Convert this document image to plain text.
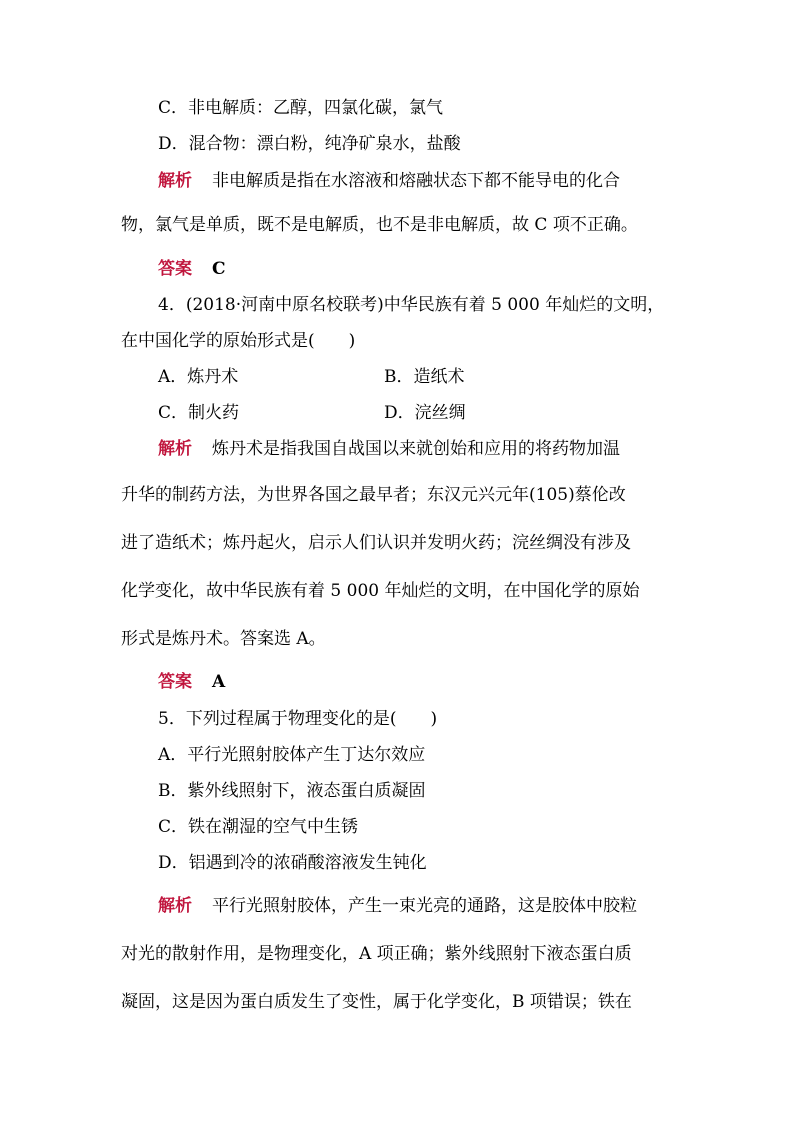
C．非电解质：乙醇，四氯化碳，氯气
D．混合物：漂白粉，纯净矿泉水，盐酸
解析 非电解质是指在水溶液和熔融状态下都不能导电的化合
物，氯气是单质，既不是电解质，也不是非电解质，故 C 项不正确。
答案 C
4．(2018·河南中原名校联考)中华民族有着 5 000 年灿烂的文明，
在中国化学的原始形式是(　　)
A．炼丹术	B．造纸术
C．制火药	D．浣丝绸
解析 炼丹术是指我国自战国以来就创始和应用的将药物加温
升华的制药方法，为世界各国之最早者；东汉元兴元年(105)蔡伦改
进了造纸术；炼丹起火，启示人们认识并发明火药；浣丝绸没有涉及
化学变化，故中华民族有着 5 000 年灿烂的文明，在中国化学的原始
形式是炼丹术。答案选 A。
答案 A
5．下列过程属于物理变化的是(　　)
A．平行光照射胶体产生丁达尔效应
B．紫外线照射下，液态蛋白质凝固
C．铁在潮湿的空气中生锈
D．铝遇到冷的浓硝酸溶液发生钝化
解析 平行光照射胶体，产生一束光亮的通路，这是胶体中胶粒
对光的散射作用，是物理变化，A 项正确；紫外线照射下液态蛋白质
凝固，这是因为蛋白质发生了变性，属于化学变化，B 项错误；铁在
